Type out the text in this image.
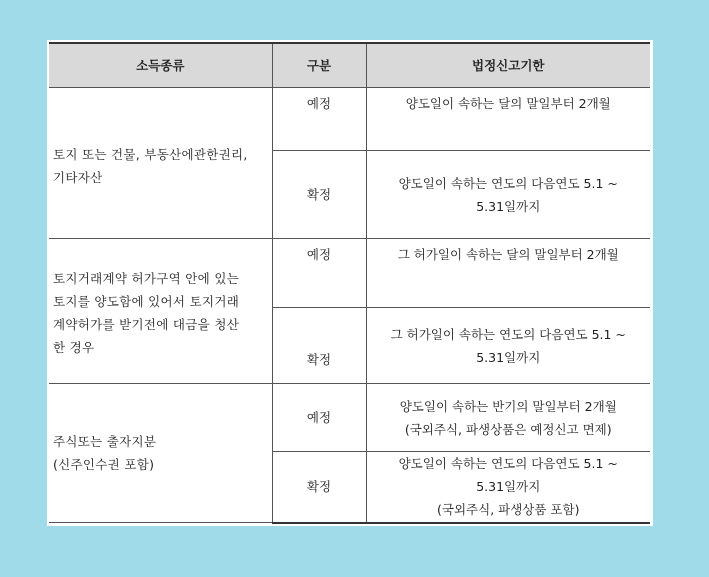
소득종류	구분	법정신고기한

토지 또는 건물, 부동산에관한권리,
기타자산	예정	양도일이 속하는 달의 말일부터 2개월

	확정	양도일이 속하는 연도의 다음연도 5.1 ~
5.31일까지

토지거래계약 허가구역 안에 있는
토지를 양도함에 있어서 토지거래
계약허가를 받기전에 대금을 청산
한 경우	예정	그 허가일이 속하는 달의 말일부터 2개월

	확정	그 허가일이 속하는 연도의 다음연도 5.1 ~
5.31일까지

주식또는 출자지분
(신주인수권 포함)	예정	양도일이 속하는 반기의 말일부터 2개월
(국외주식, 파생상품은 예정신고 면제)

	확정	양도일이 속하는 연도의 다음연도 5.1 ~
5.31일까지
(국외주식, 파생상품 포함)
